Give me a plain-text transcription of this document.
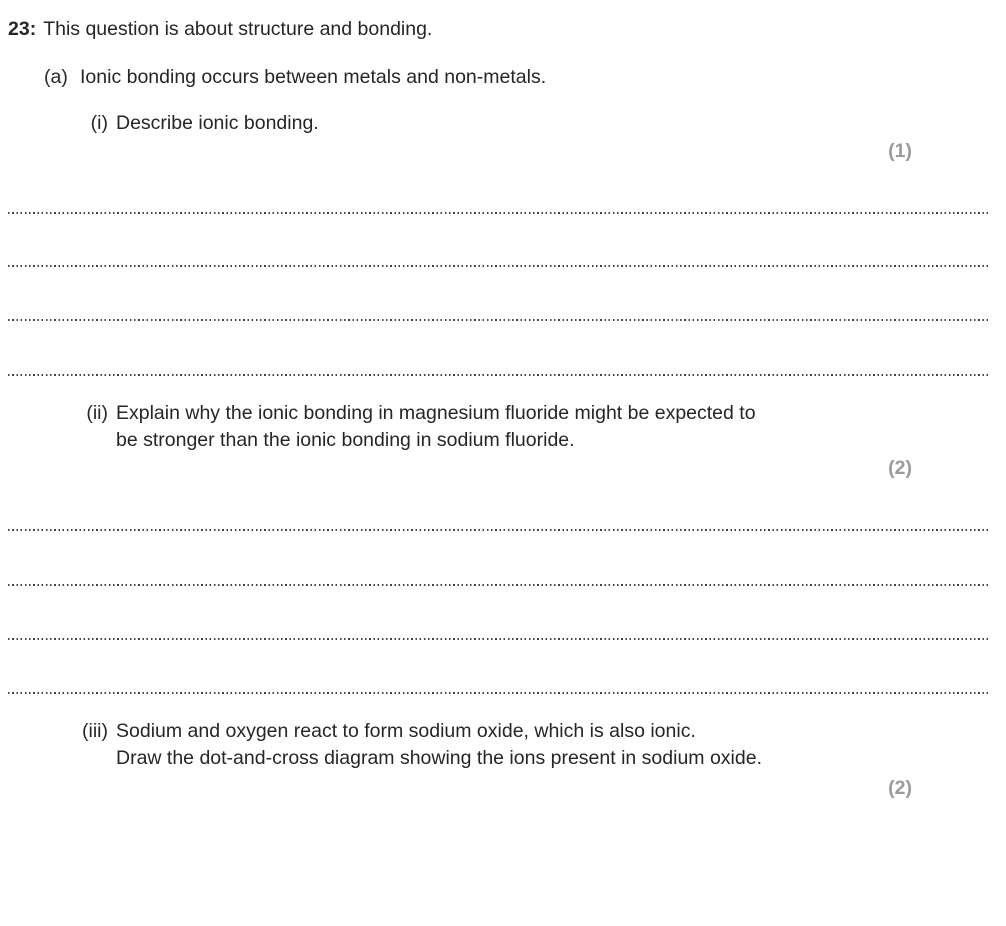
23: This question is about structure and bonding.
(a) Ionic bonding occurs between metals and non-metals.
(i) Describe ionic bonding.
(1)
(ii) Explain why the ionic bonding in magnesium fluoride might be expected to
be stronger than the ionic bonding in sodium fluoride.
(2)
(iii) Sodium and oxygen react to form sodium oxide, which is also ionic.
Draw the dot-and-cross diagram showing the ions present in sodium oxide.
(2)
